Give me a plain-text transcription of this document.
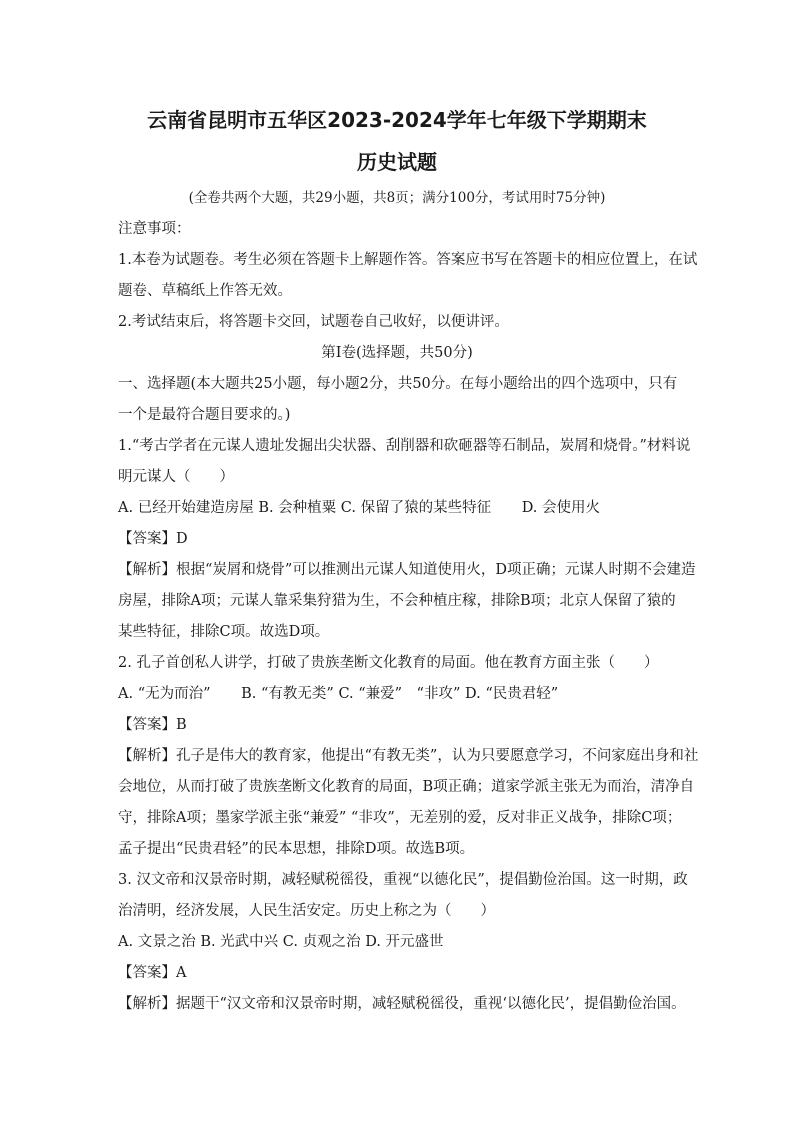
云南省昆明市五华区2023-2024学年七年级下学期期末
历史试题
(全卷共两个大题，共29小题，共8页；满分100分，考试用时75分钟)
注意事项：
1.本卷为试题卷。考生必须在答题卡上解题作答。答案应书写在答题卡的相应位置上，在试
题卷、草稿纸上作答无效。
2.考试结束后，将答题卡交回，试题卷自己收好，以便讲评。
第Ⅰ卷(选择题，共50分)
一、选择题(本大题共25小题，每小题2分，共50分。在每小题给出的四个选项中，只有
一个是最符合题目要求的。)
1.“考古学者在元谋人遗址发掘出尖状器、刮削器和砍砸器等石制品，炭屑和烧骨。”材料说
明元谋人（　　）
A. 已经开始建造房屋 B. 会种植粟 C. 保留了猿的某些特征 D. 会使用火
【答案】D
【解析】根据“炭屑和烧骨”可以推测出元谋人知道使用火，D项正确；元谋人时期不会建造
房屋，排除A项；元谋人靠采集狩猎为生，不会种植庄稼，排除B项；北京人保留了猿的
某些特征，排除C项。故选D项。
2. 孔子首创私人讲学，打破了贵族垄断文化教育的局面。他在教育方面主张（　　）
A. “无为而治” B. “有教无类” C. “兼爱”　“非攻” D. “民贵君轻”
【答案】B
【解析】孔子是伟大的教育家，他提出“有教无类”，认为只要愿意学习，不问家庭出身和社
会地位，从而打破了贵族垄断文化教育的局面，B项正确；道家学派主张无为而治，清净自
守，排除A项；墨家学派主张“兼爱” “非攻”，无差别的爱，反对非正义战争，排除C项；
孟子提出“民贵君轻”的民本思想，排除D项。故选B项。
3. 汉文帝和汉景帝时期，减轻赋税徭役，重视“以德化民”，提倡勤俭治国。这一时期，政
治清明，经济发展，人民生活安定。历史上称之为（　　）
A. 文景之治 B. 光武中兴 C. 贞观之治 D. 开元盛世
【答案】A
【解析】据题干“汉文帝和汉景帝时期，减轻赋税徭役，重视‘以德化民’，提倡勤俭治国。
